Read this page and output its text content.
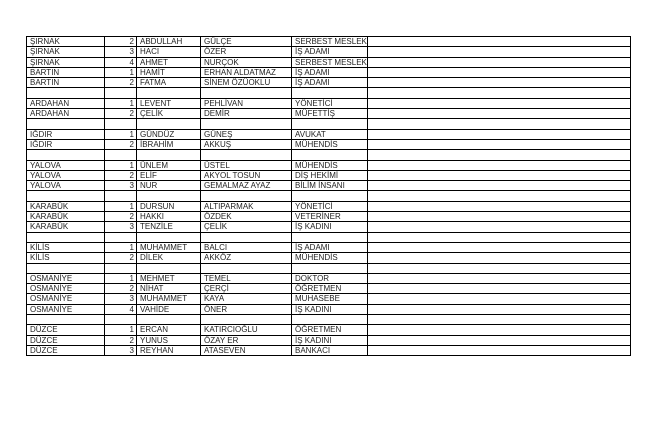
ŞIRNAK	2	ABDULLAH	GÜLÇE	SERBEST MESLEK	
ŞIRNAK	3	HACI	ÖZER	İŞ ADAMI	
ŞIRNAK	4	AHMET	NURÇOK	SERBEST MESLEK	
BARTIN	1	HAMİT	ERHAN ALDATMAZ	İŞ ADAMI	
BARTIN	2	FATMA	SİNEM ÖZÜOKLU	İŞ ADAMI	

ARDAHAN	1	LEVENT	PEHLİVAN	YÖNETİCİ	
ARDAHAN	2	ÇELİK	DEMİR	MÜFETTİŞ	

IĞDIR	1	GÜNDÜZ	GÜNEŞ	AVUKAT	
IĞDIR	2	İBRAHİM	AKKUŞ	MÜHENDİS	

YALOVA	1	ÜNLEM	ÜSTEL	MÜHENDİS	
YALOVA	2	ELİF	AKYOL TOSUN	DİŞ HEKİMİ	
YALOVA	3	NUR	GEMALMAZ AYAZ	BİLİM İNSANI	

KARABÜK	1	DURSUN	ALTIPARMAK	YÖNETİCİ	
KARABÜK	2	HAKKI	ÖZDEK	VETERİNER	
KARABÜK	3	TENZİLE	ÇELİK	İŞ KADINI	

KİLİS	1	MUHAMMET	BALCI	İŞ ADAMI	
KİLİS	2	DİLEK	AKKÖZ	MÜHENDİS	

OSMANİYE	1	MEHMET	TEMEL	DOKTOR	
OSMANİYE	2	NİHAT	ÇERÇİ	ÖĞRETMEN	
OSMANİYE	3	MUHAMMET	KAYA	MUHASEBE	
OSMANİYE	4	VAHİDE	ÖNER	İŞ KADINI	

DÜZCE	1	ERCAN	KATIRCIOĞLU	ÖĞRETMEN	
DÜZCE	2	YUNUS	ÖZAY ER	İŞ KADINI	
DÜZCE	3	REYHAN	ATASEVEN	BANKACI	
